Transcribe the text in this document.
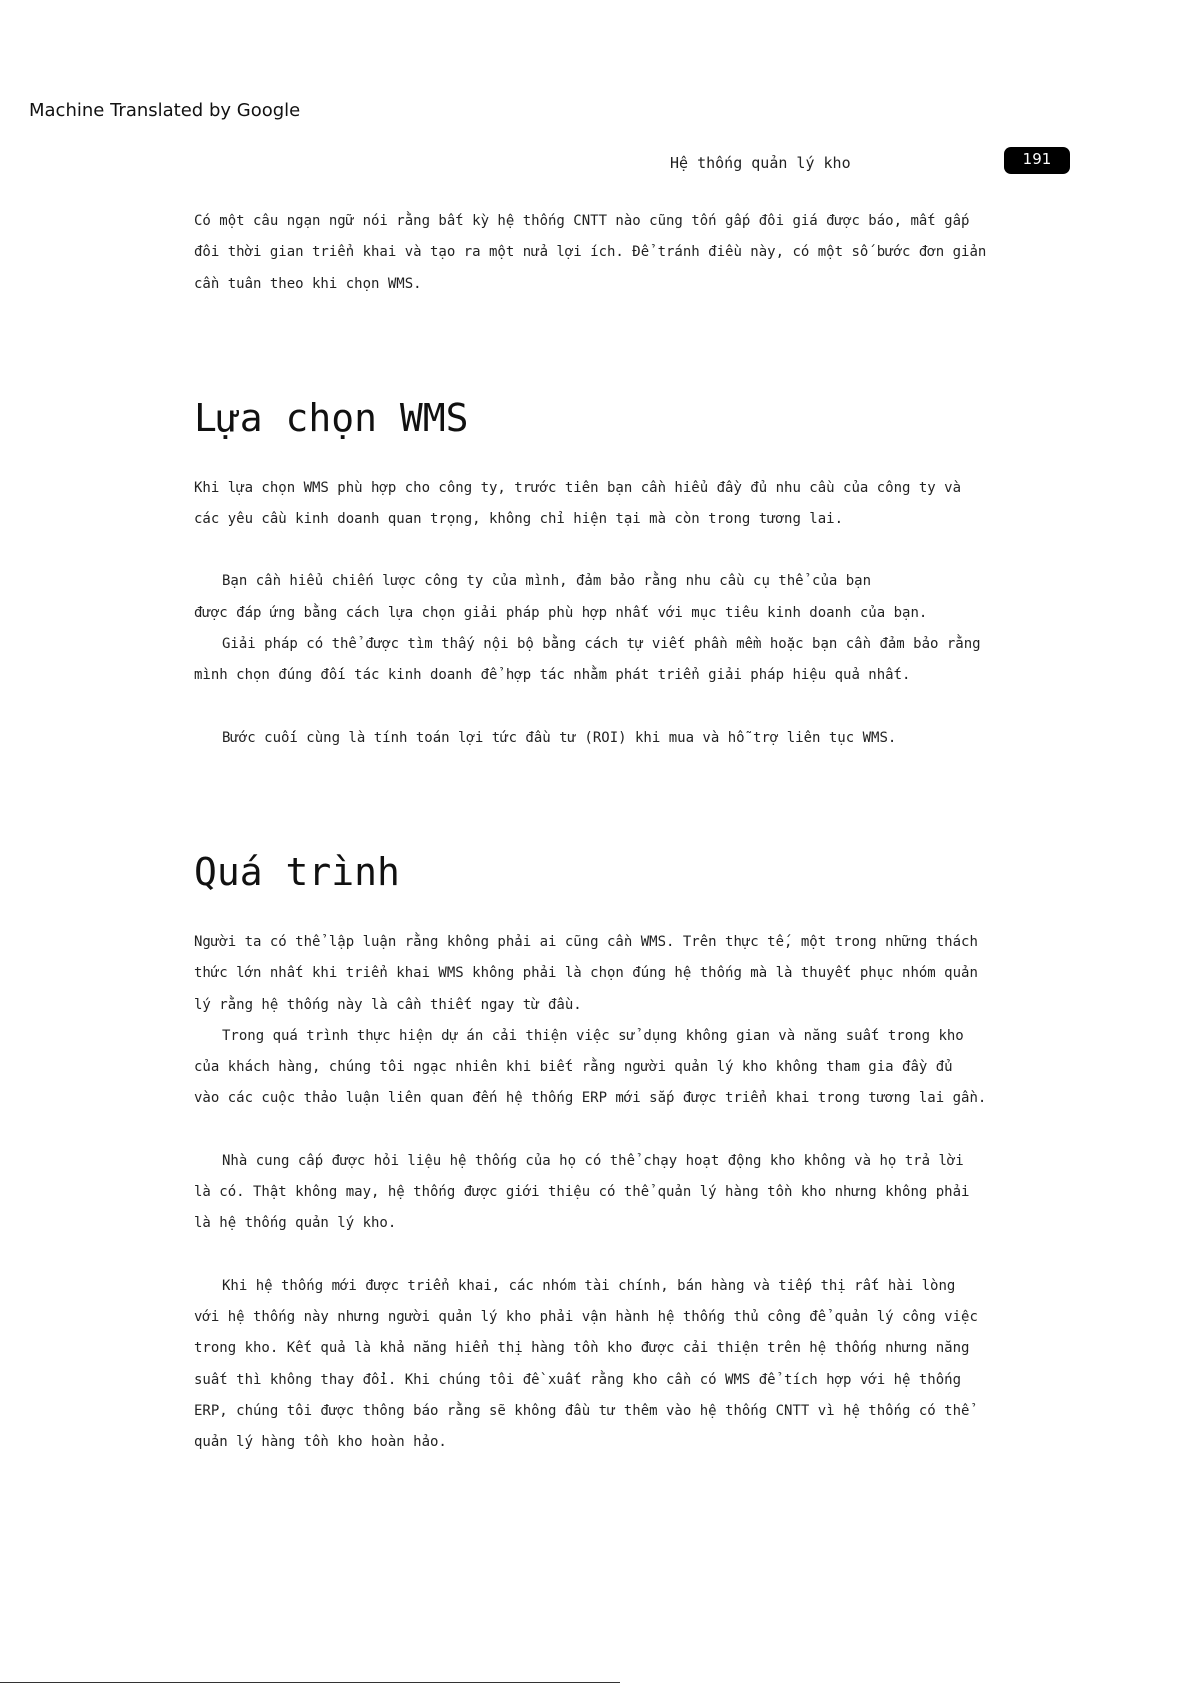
Machine Translated by Google
Hệ thống quản lý kho	191

Có một câu ngạn ngữ nói rằng bất kỳ hệ thống CNTT nào cũng tốn gấp đôi giá được báo, mất gấp
đôi thời gian triển khai và tạo ra một nửa lợi ích. Để tránh điều này, có một số bước đơn giản
cần tuân theo khi chọn WMS.

Lựa chọn WMS

Khi lựa chọn WMS phù hợp cho công ty, trước tiên bạn cần hiểu đầy đủ nhu cầu của công ty và
các yêu cầu kinh doanh quan trọng, không chỉ hiện tại mà còn trong tương lai.

Bạn cần hiểu chiến lược công ty của mình, đảm bảo rằng nhu cầu cụ thể của bạn
được đáp ứng bằng cách lựa chọn giải pháp phù hợp nhất với mục tiêu kinh doanh của bạn.

Giải pháp có thể được tìm thấy nội bộ bằng cách tự viết phần mềm hoặc bạn cần đảm bảo rằng
mình chọn đúng đối tác kinh doanh để hợp tác nhằm phát triển giải pháp hiệu quả nhất.

Bước cuối cùng là tính toán lợi tức đầu tư (ROI) khi mua và hỗ trợ liên tục WMS.

Quá trình

Người ta có thể lập luận rằng không phải ai cũng cần WMS. Trên thực tế, một trong những thách
thức lớn nhất khi triển khai WMS không phải là chọn đúng hệ thống mà là thuyết phục nhóm quản
lý rằng hệ thống này là cần thiết ngay từ đầu.

Trong quá trình thực hiện dự án cải thiện việc sử dụng không gian và năng suất trong kho
của khách hàng, chúng tôi ngạc nhiên khi biết rằng người quản lý kho không tham gia đầy đủ
vào các cuộc thảo luận liên quan đến hệ thống ERP mới sắp được triển khai trong tương lai gần.

Nhà cung cấp được hỏi liệu hệ thống của họ có thể chạy hoạt động kho không và họ trả lời
là có. Thật không may, hệ thống được giới thiệu có thể quản lý hàng tồn kho nhưng không phải
là hệ thống quản lý kho.

Khi hệ thống mới được triển khai, các nhóm tài chính, bán hàng và tiếp thị rất hài lòng
với hệ thống này nhưng người quản lý kho phải vận hành hệ thống thủ công để quản lý công việc
trong kho. Kết quả là khả năng hiển thị hàng tồn kho được cải thiện trên hệ thống nhưng năng
suất thì không thay đổi. Khi chúng tôi đề xuất rằng kho cần có WMS để tích hợp với hệ thống
ERP, chúng tôi được thông báo rằng sẽ không đầu tư thêm vào hệ thống CNTT vì hệ thống có thể
quản lý hàng tồn kho hoàn hảo.
